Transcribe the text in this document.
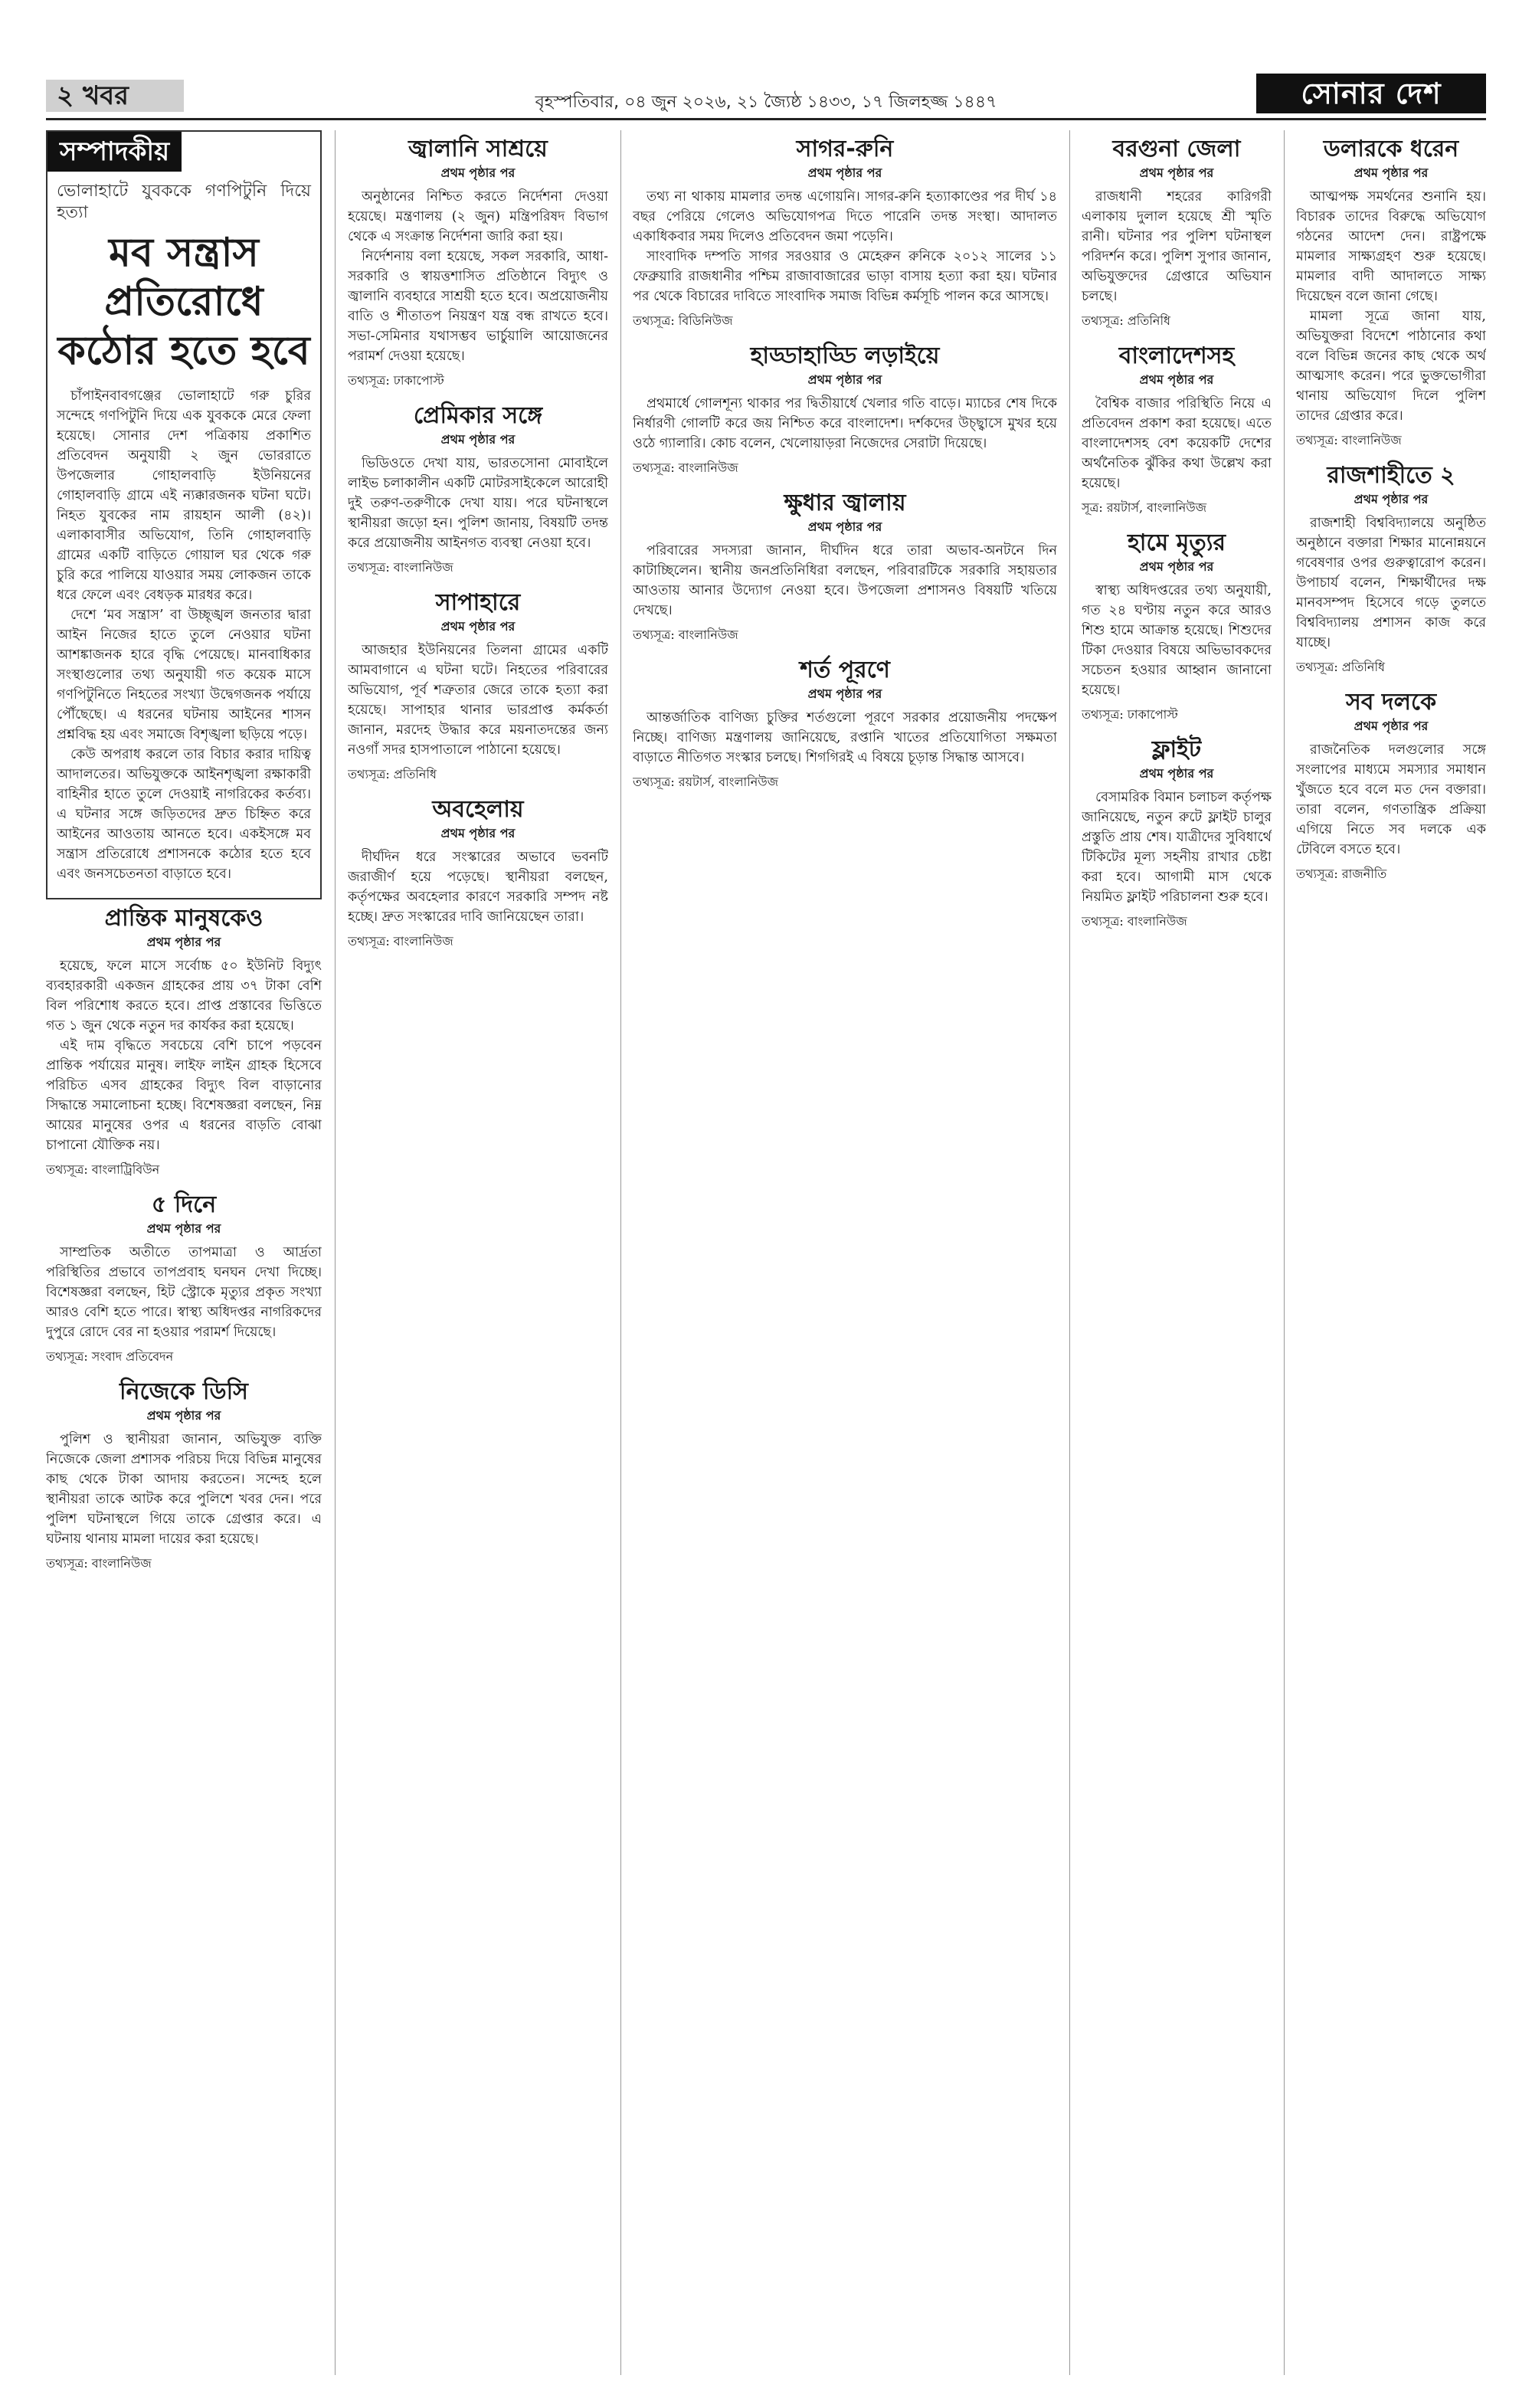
২ খবর	বৃহস্পতিবার, ০৪ জুন ২০২৬, ২১ জ্যৈষ্ঠ ১৪৩৩, ১৭ জিলহজ্জ ১৪৪৭	সোনার দেশ
সম্পাদকীয়
ভোলাহাটে যুবককে গণপিটুনি দিয়ে হত্যা
মব সন্ত্রাস প্রতিরোধে কঠোর হতে হবে

চাঁপাইনবাবগঞ্জের ভোলাহাটে গরু চুরির সন্দেহে গণপিটুনি দিয়ে এক যুবককে মেরে ফেলা হয়েছে। সোনার দেশ পত্রিকায় প্রকাশিত প্রতিবেদন অনুযায়ী ২ জুন ভোররাতে উপজেলার গোহালবাড়ি ইউনিয়নের গোহালবাড়ি গ্রামে এই ন্যক্কারজনক ঘটনা ঘটে। নিহত যুবকের নাম রায়হান আলী (৪২)। এলাকাবাসীর অভিযোগ, তিনি গোহালবাড়ি গ্রামের একটি বাড়িতে গোয়াল ঘর থেকে গরু চুরি করে পালিয়ে যাওয়ার সময় লোকজন তাকে ধরে ফেলে এবং বেধড়ক মারধর করে।

দেশে ‘মব সন্ত্রাস’ বা উচ্ছৃঙ্খল জনতার দ্বারা আইন নিজের হাতে তুলে নেওয়ার ঘটনা আশঙ্কাজনক হারে বৃদ্ধি পেয়েছে। মানবাধিকার সংস্থাগুলোর তথ্য অনুযায়ী গত কয়েক মাসে গণপিটুনিতে নিহতের সংখ্যা উদ্বেগজনক পর্যায়ে পৌঁছেছে। এ ধরনের ঘটনায় আইনের শাসন প্রশ্নবিদ্ধ হয় এবং সমাজে বিশৃঙ্খলা ছড়িয়ে পড়ে।

কেউ অপরাধ করলে তার বিচার করার দায়িত্ব আদালতের। অভিযুক্তকে আইনশৃঙ্খলা রক্ষাকারী বাহিনীর হাতে তুলে দেওয়াই নাগরিকের কর্তব্য। এ ঘটনার সঙ্গে জড়িতদের দ্রুত চিহ্নিত করে আইনের আওতায় আনতে হবে। একইসঙ্গে মব সন্ত্রাস প্রতিরোধে প্রশাসনকে কঠোর হতে হবে এবং জনসচেতনতা বাড়াতে হবে।

প্রান্তিক মানুষকেও
প্রথম পৃষ্ঠার পর

হয়েছে, ফলে মাসে সর্বোচ্চ ৫০ ইউনিট বিদ্যুৎ ব্যবহারকারী একজন গ্রাহকের প্রায় ৩৭ টাকা বেশি বিল পরিশোধ করতে হবে। প্রাপ্ত প্রস্তাবের ভিত্তিতে গত ১ জুন থেকে নতুন দর কার্যকর করা হয়েছে।

এই দাম বৃদ্ধিতে সবচেয়ে বেশি চাপে পড়বেন প্রান্তিক পর্যায়ের মানুষ। লাইফ লাইন গ্রাহক হিসেবে পরিচিত এসব গ্রাহকের বিদ্যুৎ বিল বাড়ানোর সিদ্ধান্তে সমালোচনা হচ্ছে। বিশেষজ্ঞরা বলছেন, নিম্ন আয়ের মানুষের ওপর এ ধরনের বাড়তি বোঝা চাপানো যৌক্তিক নয়।

তথ্যসূত্র: বাংলাট্রিবিউন
৫ দিনে
প্রথম পৃষ্ঠার পর

সাম্প্রতিক অতীতে তাপমাত্রা ও আর্দ্রতা পরিস্থিতির প্রভাবে তাপপ্রবাহ ঘনঘন দেখা দিচ্ছে। বিশেষজ্ঞরা বলছেন, হিট স্ট্রোকে মৃত্যুর প্রকৃত সংখ্যা আরও বেশি হতে পারে। স্বাস্থ্য অধিদপ্তর নাগরিকদের দুপুরে রোদে বের না হওয়ার পরামর্শ দিয়েছে।

তথ্যসূত্র: সংবাদ প্রতিবেদন
নিজেকে ডিসি
প্রথম পৃষ্ঠার পর

পুলিশ ও স্থানীয়রা জানান, অভিযুক্ত ব্যক্তি নিজেকে জেলা প্রশাসক পরিচয় দিয়ে বিভিন্ন মানুষের কাছ থেকে টাকা আদায় করতেন। সন্দেহ হলে স্থানীয়রা তাকে আটক করে পুলিশে খবর দেন। পরে পুলিশ ঘটনাস্থলে গিয়ে তাকে গ্রেপ্তার করে। এ ঘটনায় থানায় মামলা দায়ের করা হয়েছে।

তথ্যসূত্র: বাংলানিউজ
জ্বালানি সাশ্রয়ে
প্রথম পৃষ্ঠার পর

অনুষ্ঠানের নিশ্চিত করতে নির্দেশনা দেওয়া হয়েছে। মন্ত্রণালয় (২ জুন) মন্ত্রিপরিষদ বিভাগ থেকে এ সংক্রান্ত নির্দেশনা জারি করা হয়।

নির্দেশনায় বলা হয়েছে, সকল সরকারি, আধা-সরকারি ও স্বায়ত্তশাসিত প্রতিষ্ঠানে বিদ্যুৎ ও জ্বালানি ব্যবহারে সাশ্রয়ী হতে হবে। অপ্রয়োজনীয় বাতি ও শীতাতপ নিয়ন্ত্রণ যন্ত্র বন্ধ রাখতে হবে। সভা-সেমিনার যথাসম্ভব ভার্চুয়ালি আয়োজনের পরামর্শ দেওয়া হয়েছে।

তথ্যসূত্র: ঢাকাপোস্ট
প্রেমিকার সঙ্গে
প্রথম পৃষ্ঠার পর

ভিডিওতে দেখা যায়, ভারতসোনা মোবাইলে লাইভ চলাকালীন একটি মোটরসাইকেলে আরোহী দুই তরুণ-তরুণীকে দেখা যায়। পরে ঘটনাস্থলে স্থানীয়রা জড়ো হন। পুলিশ জানায়, বিষয়টি তদন্ত করে প্রয়োজনীয় আইনগত ব্যবস্থা নেওয়া হবে।

তথ্যসূত্র: বাংলানিউজ
সাপাহারে
প্রথম পৃষ্ঠার পর

আজহার ইউনিয়নের তিলনা গ্রামের একটি আমবাগানে এ ঘটনা ঘটে। নিহতের পরিবারের অভিযোগ, পূর্ব শত্রুতার জেরে তাকে হত্যা করা হয়েছে। সাপাহার থানার ভারপ্রাপ্ত কর্মকর্তা জানান, মরদেহ উদ্ধার করে ময়নাতদন্তের জন্য নওগাঁ সদর হাসপাতালে পাঠানো হয়েছে।

তথ্যসূত্র: প্রতিনিধি
অবহেলায়
প্রথম পৃষ্ঠার পর

দীর্ঘদিন ধরে সংস্কারের অভাবে ভবনটি জরাজীর্ণ হয়ে পড়েছে। স্থানীয়রা বলছেন, কর্তৃপক্ষের অবহেলার কারণে সরকারি সম্পদ নষ্ট হচ্ছে। দ্রুত সংস্কারের দাবি জানিয়েছেন তারা।

তথ্যসূত্র: বাংলানিউজ
সাগর-রুনি
প্রথম পৃষ্ঠার পর

তথ্য না থাকায় মামলার তদন্ত এগোয়নি। সাগর-রুনি হত্যাকাণ্ডের পর দীর্ঘ ১৪ বছর পেরিয়ে গেলেও অভিযোগপত্র দিতে পারেনি তদন্ত সংস্থা। আদালত একাধিকবার সময় দিলেও প্রতিবেদন জমা পড়েনি।

সাংবাদিক দম্পতি সাগর সরওয়ার ও মেহেরুন রুনিকে ২০১২ সালের ১১ ফেব্রুয়ারি রাজধানীর পশ্চিম রাজাবাজারের ভাড়া বাসায় হত্যা করা হয়। ঘটনার পর থেকে বিচারের দাবিতে সাংবাদিক সমাজ বিভিন্ন কর্মসূচি পালন করে আসছে।

তথ্যসূত্র: বিডিনিউজ
হাড্ডাহাড্ডি লড়াইয়ে
প্রথম পৃষ্ঠার পর

প্রথমার্ধে গোলশূন্য থাকার পর দ্বিতীয়ার্ধে খেলার গতি বাড়ে। ম্যাচের শেষ দিকে নির্ধারণী গোলটি করে জয় নিশ্চিত করে বাংলাদেশ। দর্শকদের উচ্ছ্বাসে মুখর হয়ে ওঠে গ্যালারি। কোচ বলেন, খেলোয়াড়রা নিজেদের সেরাটা দিয়েছে।

তথ্যসূত্র: বাংলানিউজ
ক্ষুধার জ্বালায়
প্রথম পৃষ্ঠার পর

পরিবারের সদস্যরা জানান, দীর্ঘদিন ধরে তারা অভাব-অনটনে দিন কাটাচ্ছিলেন। স্থানীয় জনপ্রতিনিধিরা বলছেন, পরিবারটিকে সরকারি সহায়তার আওতায় আনার উদ্যোগ নেওয়া হবে। উপজেলা প্রশাসনও বিষয়টি খতিয়ে দেখছে।

তথ্যসূত্র: বাংলানিউজ
শর্ত পূরণে
প্রথম পৃষ্ঠার পর

আন্তর্জাতিক বাণিজ্য চুক্তির শর্তগুলো পূরণে সরকার প্রয়োজনীয় পদক্ষেপ নিচ্ছে। বাণিজ্য মন্ত্রণালয় জানিয়েছে, রপ্তানি খাতের প্রতিযোগিতা সক্ষমতা বাড়াতে নীতিগত সংস্কার চলছে। শিগগিরই এ বিষয়ে চূড়ান্ত সিদ্ধান্ত আসবে।

তথ্যসূত্র: রয়টার্স, বাংলানিউজ
বরগুনা জেলা
প্রথম পৃষ্ঠার পর

রাজধানী শহরের কারিগরী এলাকায় দুলাল হয়েছে শ্রী স্মৃতি রানী। ঘটনার পর পুলিশ ঘটনাস্থল পরিদর্শন করে। পুলিশ সুপার জানান, অভিযুক্তদের গ্রেপ্তারে অভিযান চলছে।

তথ্যসূত্র: প্রতিনিধি
বাংলাদেশসহ
প্রথম পৃষ্ঠার পর

বৈশ্বিক বাজার পরিস্থিতি নিয়ে এ প্রতিবেদন প্রকাশ করা হয়েছে। এতে বাংলাদেশসহ বেশ কয়েকটি দেশের অর্থনৈতিক ঝুঁকির কথা উল্লেখ করা হয়েছে।

সূত্র: রয়টার্স, বাংলানিউজ
হামে মৃত্যুর
প্রথম পৃষ্ঠার পর

স্বাস্থ্য অধিদপ্তরের তথ্য অনুযায়ী, গত ২৪ ঘণ্টায় নতুন করে আরও শিশু হামে আক্রান্ত হয়েছে। শিশুদের টিকা দেওয়ার বিষয়ে অভিভাবকদের সচেতন হওয়ার আহ্বান জানানো হয়েছে।

তথ্যসূত্র: ঢাকাপোস্ট
ফ্লাইট
প্রথম পৃষ্ঠার পর

বেসামরিক বিমান চলাচল কর্তৃপক্ষ জানিয়েছে, নতুন রুটে ফ্লাইট চালুর প্রস্তুতি প্রায় শেষ। যাত্রীদের সুবিধার্থে টিকিটের মূল্য সহনীয় রাখার চেষ্টা করা হবে। আগামী মাস থেকে নিয়মিত ফ্লাইট পরিচালনা শুরু হবে।

তথ্যসূত্র: বাংলানিউজ
ডলারকে ধরেন
প্রথম পৃষ্ঠার পর

আত্মপক্ষ সমর্থনের শুনানি হয়। বিচারক তাদের বিরুদ্ধে অভিযোগ গঠনের আদেশ দেন। রাষ্ট্রপক্ষে মামলার সাক্ষ্যগ্রহণ শুরু হয়েছে। মামলার বাদী আদালতে সাক্ষ্য দিয়েছেন বলে জানা গেছে।

মামলা সূত্রে জানা যায়, অভিযুক্তরা বিদেশে পাঠানোর কথা বলে বিভিন্ন জনের কাছ থেকে অর্থ আত্মসাৎ করেন। পরে ভুক্তভোগীরা থানায় অভিযোগ দিলে পুলিশ তাদের গ্রেপ্তার করে।

তথ্যসূত্র: বাংলানিউজ
রাজশাহীতে ২
প্রথম পৃষ্ঠার পর

রাজশাহী বিশ্ববিদ্যালয়ে অনুষ্ঠিত অনুষ্ঠানে বক্তারা শিক্ষার মানোন্নয়নে গবেষণার ওপর গুরুত্বারোপ করেন। উপাচার্য বলেন, শিক্ষার্থীদের দক্ষ মানবসম্পদ হিসেবে গড়ে তুলতে বিশ্ববিদ্যালয় প্রশাসন কাজ করে যাচ্ছে।

তথ্যসূত্র: প্রতিনিধি
সব দলকে
প্রথম পৃষ্ঠার পর

রাজনৈতিক দলগুলোর সঙ্গে সংলাপের মাধ্যমে সমস্যার সমাধান খুঁজতে হবে বলে মত দেন বক্তারা। তারা বলেন, গণতান্ত্রিক প্রক্রিয়া এগিয়ে নিতে সব দলকে এক টেবিলে বসতে হবে।

তথ্যসূত্র: রাজনীতি
